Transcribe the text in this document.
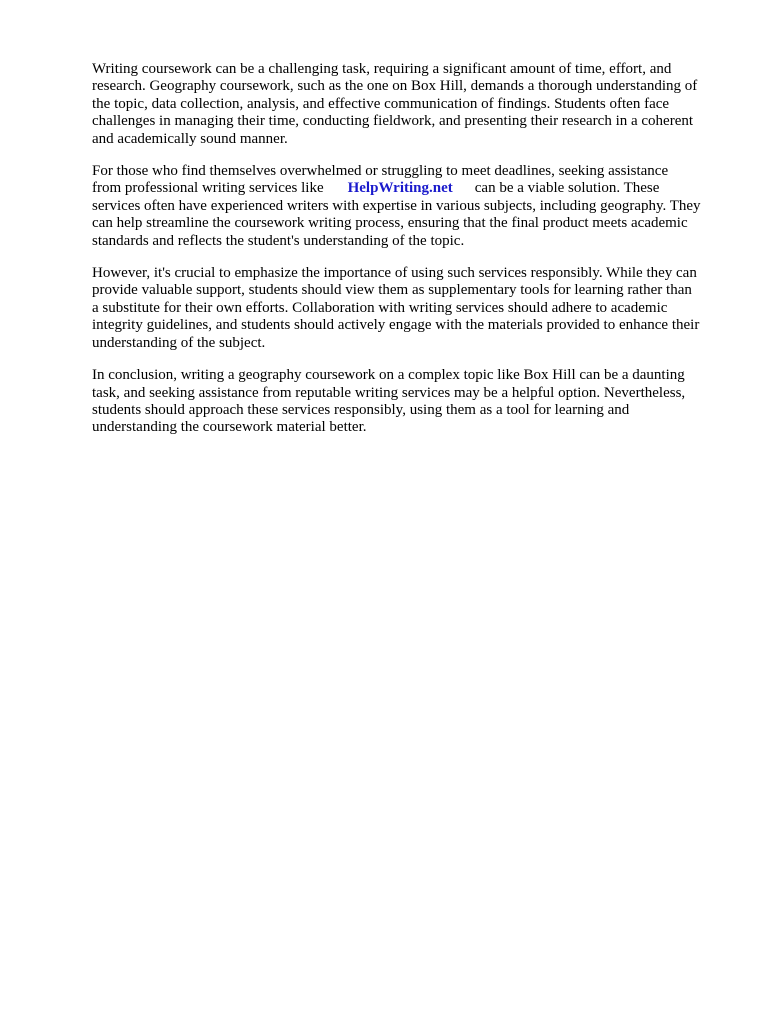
Writing coursework can be a challenging task, requiring a significant amount of time, effort, and
research. Geography coursework, such as the one on Box Hill, demands a thorough understanding of
the topic, data collection, analysis, and effective communication of findings. Students often face
challenges in managing their time, conducting fieldwork, and presenting their research in a coherent
and academically sound manner.

For those who find themselves overwhelmed or struggling to meet deadlines, seeking assistance
from professional writing services like HelpWriting.net can be a viable solution. These
services often have experienced writers with expertise in various subjects, including geography. They
can help streamline the coursework writing process, ensuring that the final product meets academic
standards and reflects the student's understanding of the topic.

However, it's crucial to emphasize the importance of using such services responsibly. While they can
provide valuable support, students should view them as supplementary tools for learning rather than
a substitute for their own efforts. Collaboration with writing services should adhere to academic
integrity guidelines, and students should actively engage with the materials provided to enhance their
understanding of the subject.

In conclusion, writing a geography coursework on a complex topic like Box Hill can be a daunting
task, and seeking assistance from reputable writing services may be a helpful option. Nevertheless,
students should approach these services responsibly, using them as a tool for learning and
understanding the coursework material better.
